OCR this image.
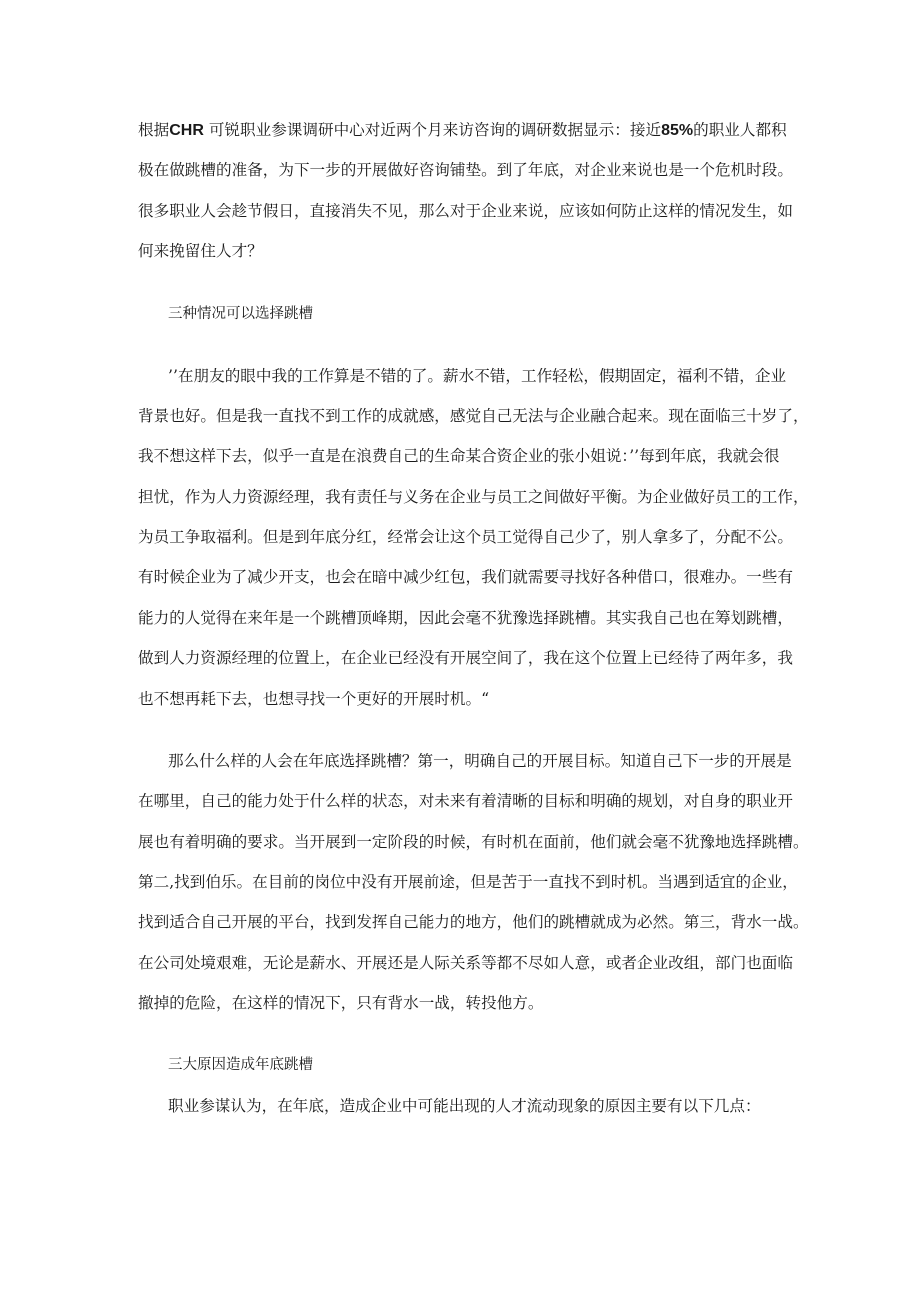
根据CHR 可锐职业参课调研中心对近两个月来访咨询的调研数据显示：接近85%的职业人都积
极在做跳槽的准备，为下一步的开展做好咨询铺垫。到了年底，对企业来说也是一个危机时段。
很多职业人会趁节假日，直接消失不见，那么对于企业来说，应该如何防止这样的情况发生，如
何来挽留住人才？
三种情况可以选择跳槽
’’在朋友的眼中我的工作算是不错的了。薪水不错，工作轻松，假期固定，福利不错，企业
背景也好。但是我一直找不到工作的成就感，感觉自己无法与企业融合起来。现在面临三十岁了，
我不想这样下去，似乎一直是在浪费自己的生命某合资企业的张小姐说：’’每到年底，我就会很
担忧，作为人力资源经理，我有责任与义务在企业与员工之间做好平衡。为企业做好员工的工作，
为员工争取福利。但是到年底分红，经常会让这个员工觉得自己少了，别人拿多了，分配不公。
有时候企业为了减少开支，也会在暗中减少红包，我们就需要寻找好各种借口，很难办。一些有
能力的人觉得在来年是一个跳槽顶峰期，因此会毫不犹豫选择跳槽。其实我自己也在筹划跳槽，
做到人力资源经理的位置上，在企业已经没有开展空间了，我在这个位置上已经待了两年多，我
也不想再耗下去，也想寻找一个更好的开展时机。“
那么什么样的人会在年底选择跳槽？第一，明确自己的开展目标。知道自己下一步的开展是
在哪里，自己的能力处于什么样的状态，对未来有着清晰的目标和明确的规划，对自身的职业开
展也有着明确的要求。当开展到一定阶段的时候，有时机在面前，他们就会毫不犹豫地选择跳槽。
第二,找到伯乐。在目前的岗位中没有开展前途，但是苦于一直找不到时机。当遇到适宜的企业，
找到适合自己开展的平台，找到发挥自己能力的地方，他们的跳槽就成为必然。第三，背水一战。
在公司处境艰难，无论是薪水、开展还是人际关系等都不尽如人意，或者企业改组，部门也面临
撤掉的危险，在这样的情况下，只有背水一战，转投他方。
三大原因造成年底跳槽
职业参谋认为，在年底，造成企业中可能出现的人才流动现象的原因主要有以下几点：
